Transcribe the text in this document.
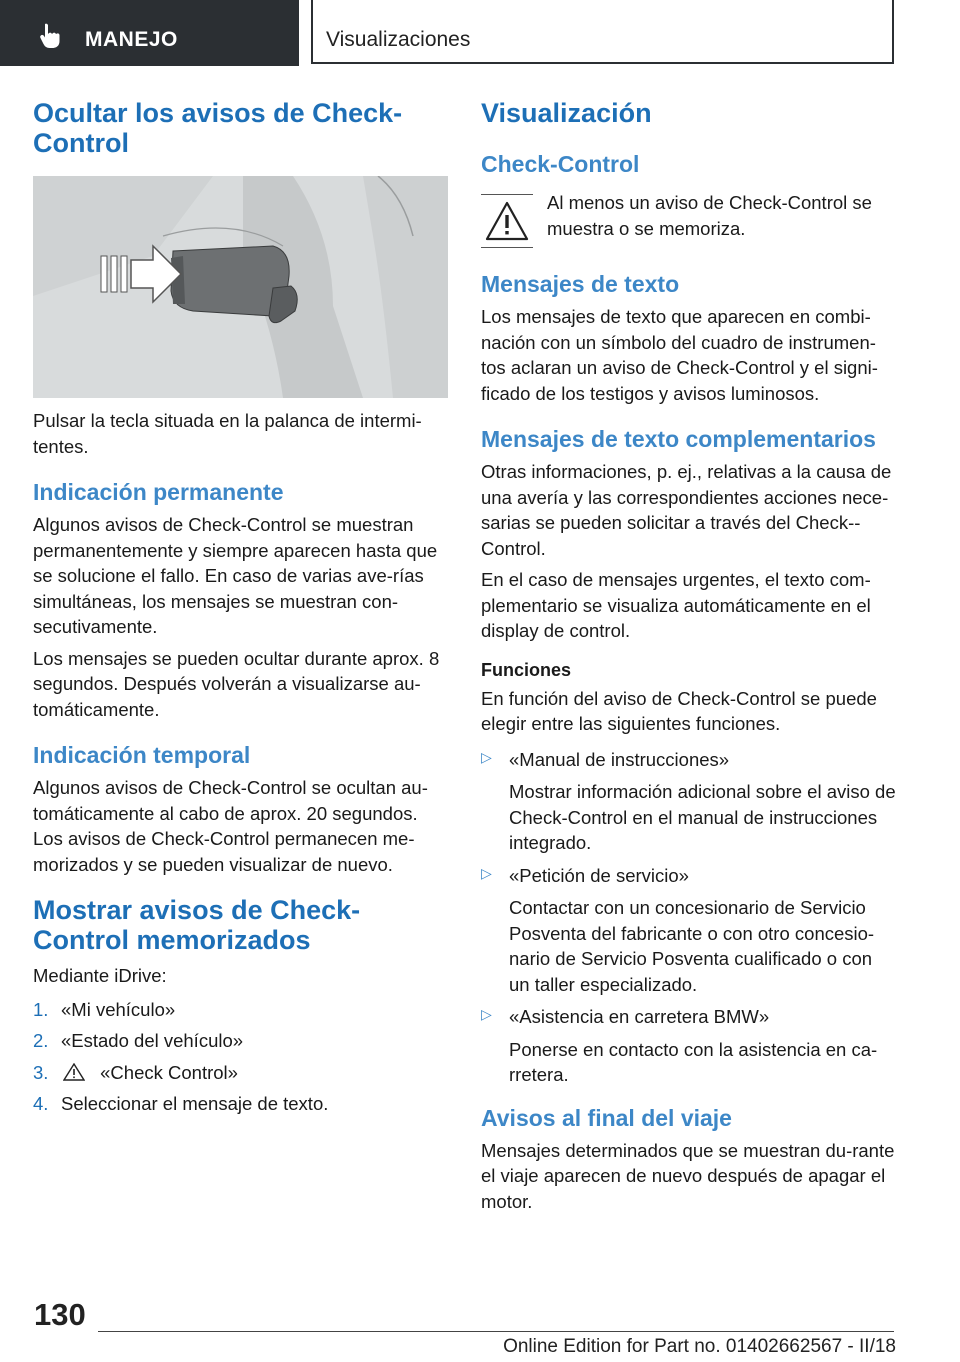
MANEJO	Visualizaciones
Ocultar los avisos de Check-Control

Pulsar la tecla situada en la palanca de intermi-tentes.

Indicación permanente

Algunos avisos de Check-Control se muestran permanentemente y siempre aparecen hasta que se solucione el fallo. En caso de varias ave-rías simultáneas, los mensajes se muestran con-secutivamente.

Los mensajes se pueden ocultar durante aprox. 8 segundos. Después volverán a visualizarse au-tomáticamente.

Indicación temporal

Algunos avisos de Check-Control se ocultan au-tomáticamente al cabo de aprox. 20 segundos. Los avisos de Check-Control permanecen me-morizados y se pueden visualizar de nuevo.

Mostrar avisos de Check-Control memorizados

Mediante iDrive:

1. «Mi vehículo»
2. «Estado del vehículo»
3.	«Check Control»
4. Seleccionar el mensaje de texto.
Visualización
Check-Control

Al menos un aviso de Check-Control se muestra o se memoriza.

Mensajes de texto

Los mensajes de texto que aparecen en combi-nación con un símbolo del cuadro de instrumen-tos aclaran un aviso de Check-Control y el signi-ficado de los testigos y avisos luminosos.

Mensajes de texto complementarios

Otras informaciones, p. ej., relativas a la causa de una avería y las correspondientes acciones nece-sarias se pueden solicitar a través del Check--Control.

En el caso de mensajes urgentes, el texto com-plementario se visualiza automáticamente en el display de control.

Funciones

En función del aviso de Check-Control se puede elegir entre las siguientes funciones.

▷ «Manual de instrucciones»

Mostrar información adicional sobre el aviso de Check-Control en el manual de instrucciones integrado.

▷ «Petición de servicio»

Contactar con un concesionario de Servicio Posventa del fabricante o con otro concesio-nario de Servicio Posventa cualificado o con un taller especializado.

▷ «Asistencia en carretera BMW»

Ponerse en contacto con la asistencia en ca-rretera.

Avisos al final del viaje

Mensajes determinados que se muestran du-rante el viaje aparecen de nuevo después de apagar el motor.

130
Online Edition for Part no. 01402662567 - II/18
